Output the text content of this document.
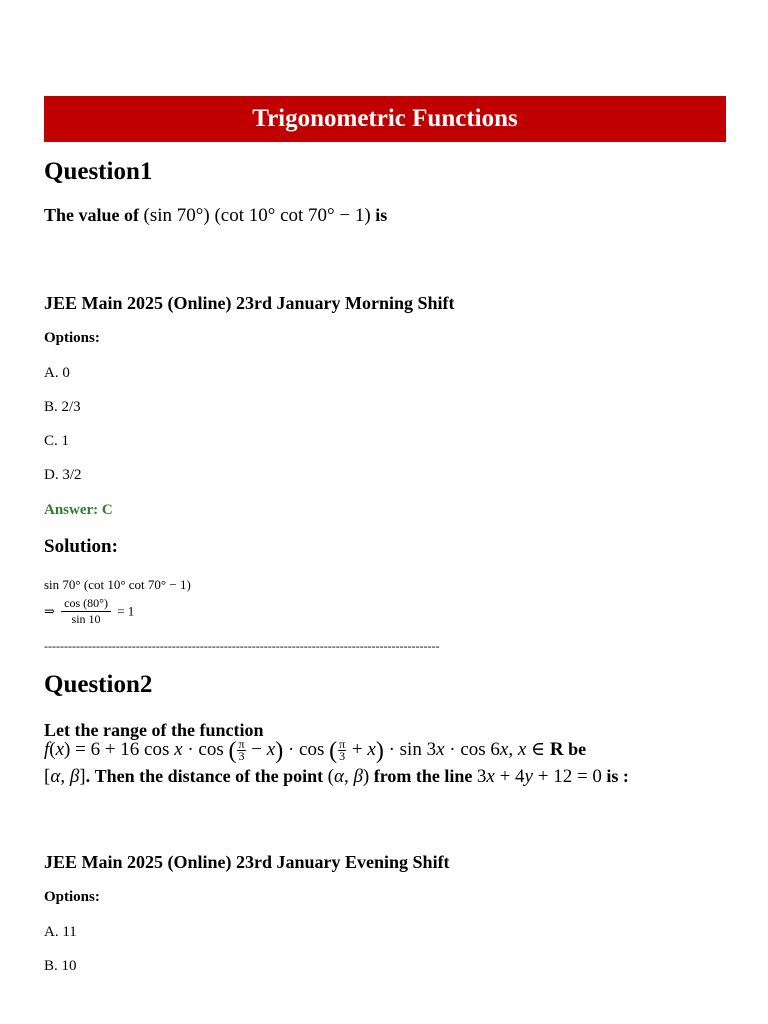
Trigonometric Functions
Question1
The value of (sin 70°) (cot 10° cot 70° − 1) is
JEE Main 2025 (Online) 23rd January Morning Shift
Options:
A. 0
B. 2/3
C. 1
D. 3/2
Answer: C
Solution:
sin 70° (cot 10° cot 70° − 1)
⇒ $\frac{\cos (80^\circ)}{\sin 10} = 1$
---------------------------------------------------------------------------------------------------
Question2
Let the range of the function
f(x) = 6 + 16 cos x · cos ( $\frac{\pi}{3} - x) \cdot \cos$ ( $\frac{\pi}{3} + x) \cdot \sin 3x \cdot \cos 6x$, x ∈ R be
[α, β]. Then the distance of the point (α, β) from the line 3x + 4y + 12 = 0 is :
JEE Main 2025 (Online) 23rd January Evening Shift
Options:
A. 11
B. 10
